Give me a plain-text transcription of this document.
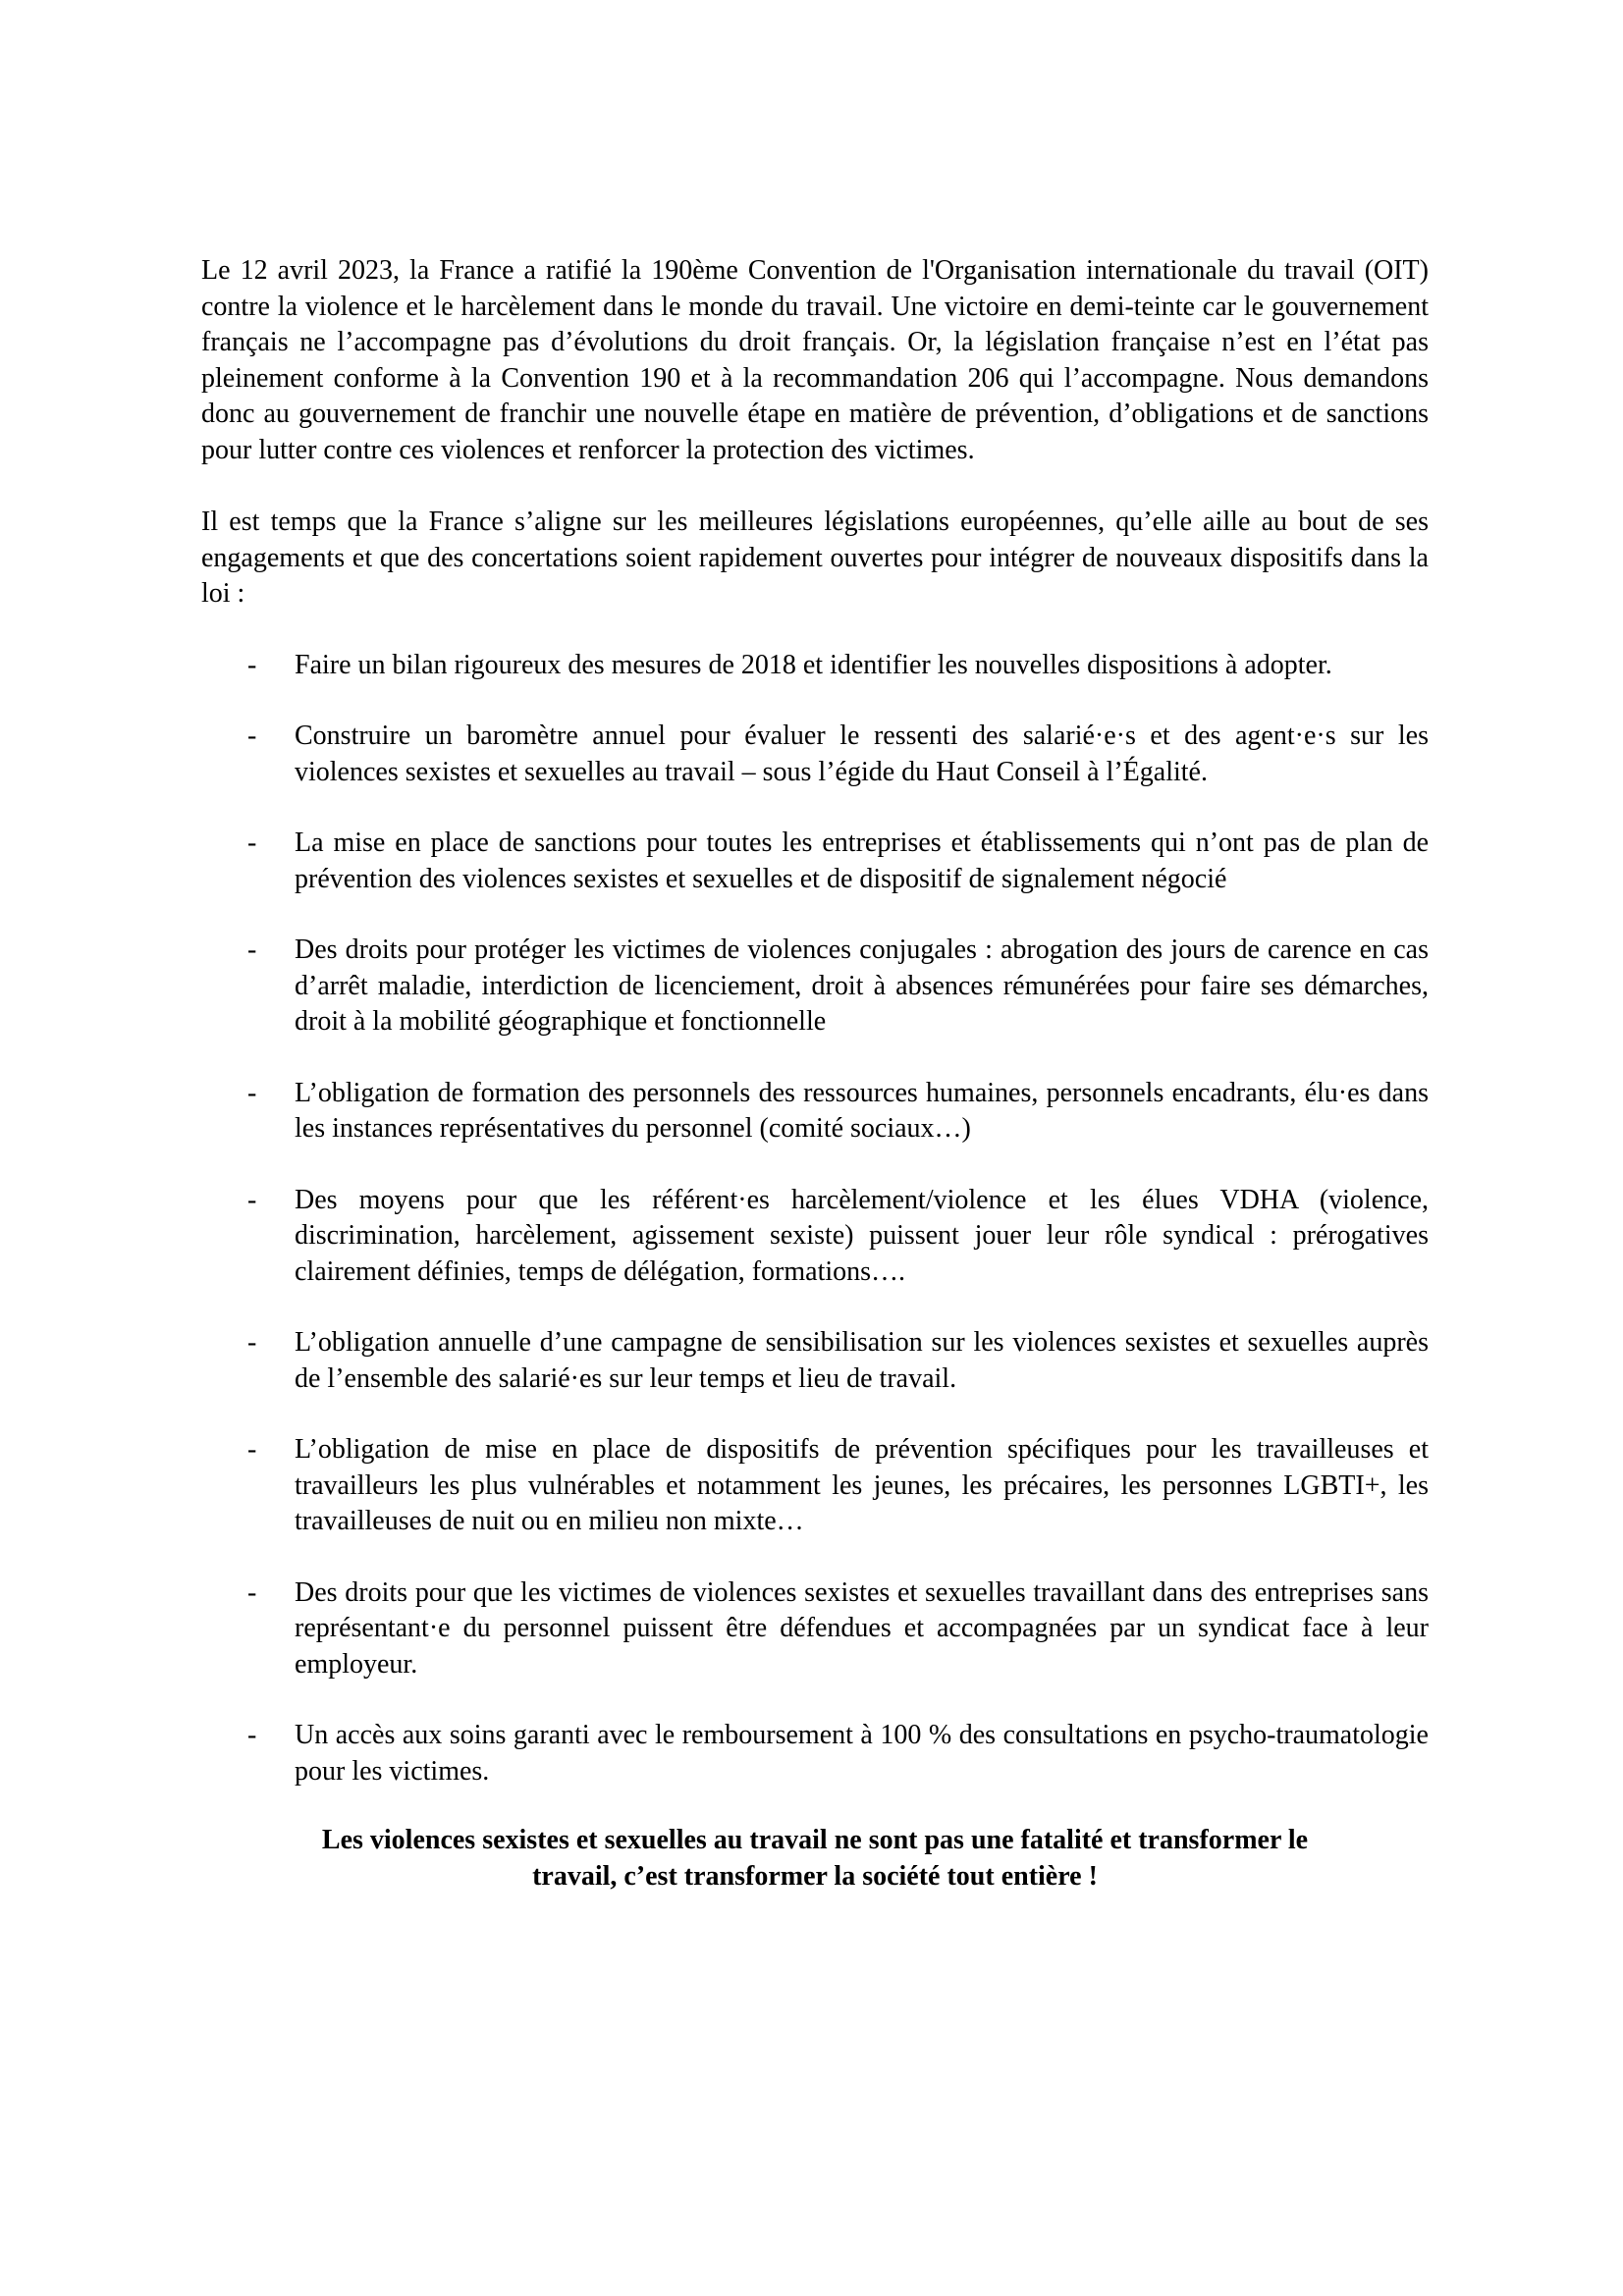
Le 12 avril 2023, la France a ratifié la 190ème Convention de l'Organisation internationale du travail (OIT) contre la violence et le harcèlement dans le monde du travail. Une victoire en demi-teinte car le gouvernement français ne l’accompagne pas d’évolutions du droit français. Or, la législation française n’est en l’état pas pleinement conforme à la Convention 190 et à la recommandation 206 qui l’accompagne. Nous demandons donc au gouvernement de franchir une nouvelle étape en matière de prévention, d’obligations et de sanctions pour lutter contre ces violences et renforcer la protection des victimes.

Il est temps que la France s’aligne sur les meilleures législations européennes, qu’elle aille au bout de ses engagements et que des concertations soient rapidement ouvertes pour intégrer de nouveaux dispositifs dans la loi :

- Faire un bilan rigoureux des mesures de 2018 et identifier les nouvelles dispositions à adopter.
- Construire un baromètre annuel pour évaluer le ressenti des salarié·e·s et des agent·e·s sur les violences sexistes et sexuelles au travail – sous l’égide du Haut Conseil à l’Égalité.
- La mise en place de sanctions pour toutes les entreprises et établissements qui n’ont pas de plan de prévention des violences sexistes et sexuelles et de dispositif de signalement négocié
- Des droits pour protéger les victimes de violences conjugales : abrogation des jours de carence en cas d’arrêt maladie, interdiction de licenciement, droit à absences rémunérées pour faire ses démarches, droit à la mobilité géographique et fonctionnelle
- L’obligation de formation des personnels des ressources humaines, personnels encadrants, élu·es dans les instances représentatives du personnel (comité sociaux…)
- Des moyens pour que les référent·es harcèlement/violence et les élues VDHA (violence, discrimination, harcèlement, agissement sexiste) puissent jouer leur rôle syndical : prérogatives clairement définies, temps de délégation, formations….
- L’obligation annuelle d’une campagne de sensibilisation sur les violences sexistes et sexuelles auprès de l’ensemble des salarié·es sur leur temps et lieu de travail.
- L’obligation de mise en place de dispositifs de prévention spécifiques pour les travailleuses et travailleurs les plus vulnérables et notamment les jeunes, les précaires, les personnes LGBTI+, les travailleuses de nuit ou en milieu non mixte…
- Des droits pour que les victimes de violences sexistes et sexuelles travaillant dans des entreprises sans représentant·e du personnel puissent être défendues et accompagnées par un syndicat face à leur employeur.
- Un accès aux soins garanti avec le remboursement à 100 % des consultations en psycho-traumatologie pour les victimes.

Les violences sexistes et sexuelles au travail ne sont pas une fatalité et transformer le travail, c’est transformer la société tout entière !
